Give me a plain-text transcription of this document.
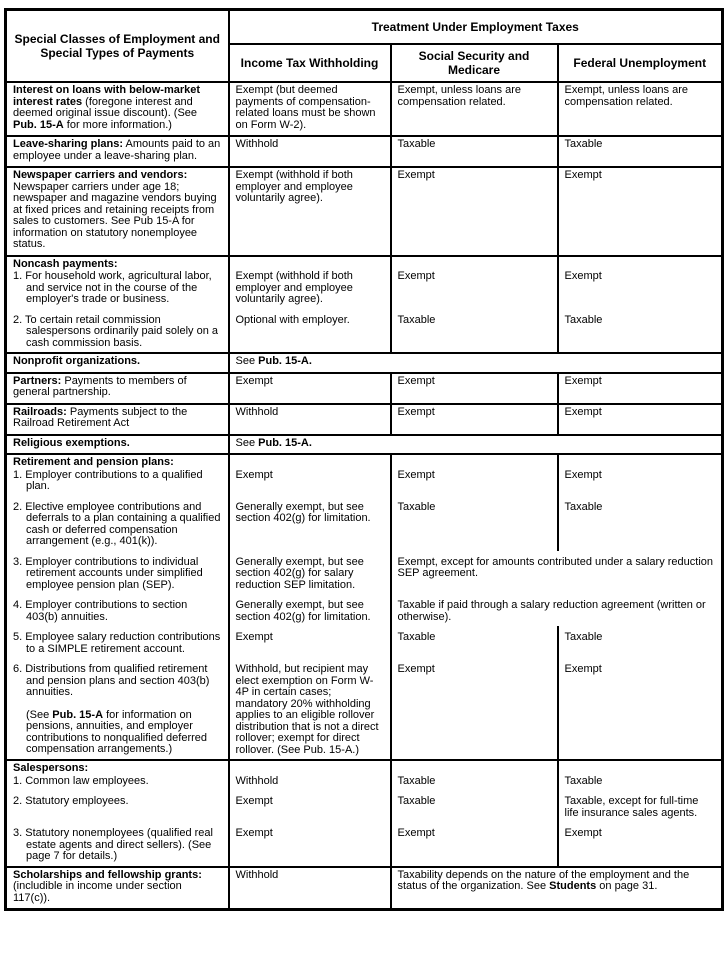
Special Classes of Employment and Special Types of Payments	Treatment Under Employment Taxes		
	Income Tax Withholding	Social Security and Medicare	Federal Unemployment

Interest on loans with below-market interest rates (foregone interest and deemed original issue discount). (See Pub. 15-A for more information.)	Exempt (but deemed payments of compensation-related loans must be shown on Form W-2).	Exempt, unless loans are compensation related.	Exempt, unless loans are compensation related.

Leave-sharing plans: Amounts paid to an employee under a leave-sharing plan.	Withhold	Taxable	Taxable

Newspaper carriers and vendors: Newspaper carriers under age 18; newspaper and magazine vendors buying at fixed prices and retaining receipts from sales to customers. See Pub 15-A for information on statutory nonemployee status.	Exempt (withhold if both employer and employee voluntarily agree).	Exempt	Exempt

Noncash payments:			

1. For household work, agricultural labor, and service not in the course of the employer's trade or business.	Exempt (withhold if both employer and employee voluntarily agree).	Exempt	Exempt

2. To certain retail commission salespersons ordinarily paid solely on a cash commission basis.	Optional with employer.	Taxable	Taxable

Nonprofit organizations.	See Pub. 15-A.		

Partners: Payments to members of general partnership.	Exempt	Exempt	Exempt

Railroads: Payments subject to the Railroad Retirement Act	Withhold	Exempt	Exempt

Religious exemptions.	See Pub. 15-A.		

Retirement and pension plans:			

1. Employer contributions to a qualified plan.	Exempt	Exempt	Exempt

2. Elective employee contributions and deferrals to a plan containing a qualified cash or deferred compensation arrangement (e.g., 401(k)).	Generally exempt, but see section 402(g) for limitation.	Taxable	Taxable

3. Employer contributions to individual retirement accounts under simplified employee pension plan (SEP).	Generally exempt, but see section 402(g) for salary reduction SEP limitation.	Exempt, except for amounts contributed under a salary reduction SEP agreement.	

4. Employer contributions to section 403(b) annuities.	Generally exempt, but see section 402(g) for limitation.	Taxable if paid through a salary reduction agreement (written or otherwise).	

5. Employee salary reduction contributions to a SIMPLE retirement account.	Exempt	Taxable	Taxable

6. Distributions from qualified retirement and pension plans and section 403(b) annuities.
(See Pub. 15-A for information on pensions, annuities, and employer contributions to nonqualified deferred compensation arrangements.)
	Withhold, but recipient may elect exemption on Form W-4P in certain cases; mandatory 20% withholding applies to an eligible rollover distribution that is not a direct rollover; exempt for direct rollover. (See Pub. 15-A.)	Exempt	Exempt

Salespersons:			

1. Common law employees.	Withhold	Taxable	Taxable

2. Statutory employees.	Exempt	Taxable	Taxable, except for full-time life insurance sales agents.

3. Statutory nonemployees (qualified real estate agents and direct sellers). (See page 7 for details.)	Exempt	Exempt	Exempt

Scholarships and fellowship grants: (includible in income under section 117(c)).	Withhold	Taxability depends on the nature of the employment and the status of the organization. See Students on page 31.	
